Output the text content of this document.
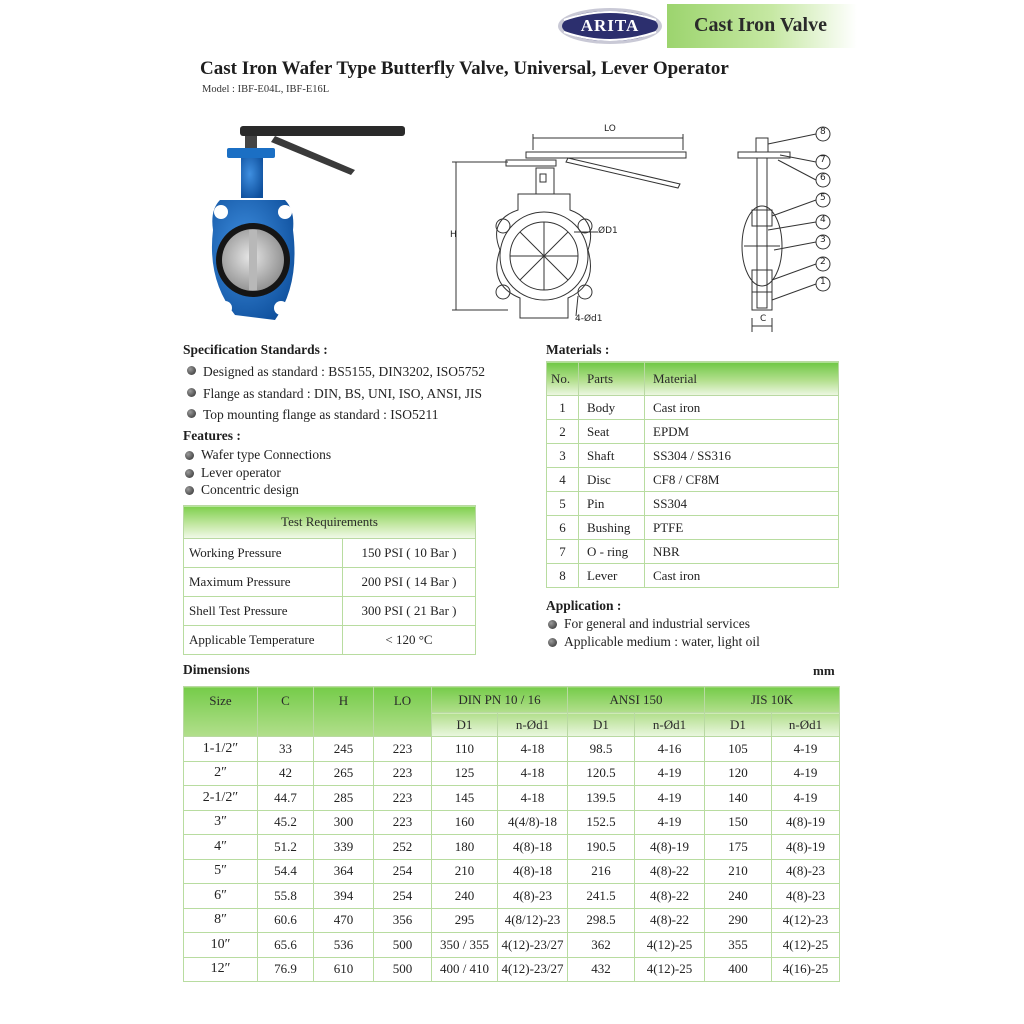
ARITA	Cast Iron Valve
Cast Iron Wafer Type Butterfly Valve, Universal, Lever Operator
Model : IBF-E04L, IBF-E16L
LO
H	ØD1
4-Ød1
8
7
6
5
4
3
2
1
C
Specification Standards :
Designed as standard : BS5155, DIN3202, ISO5752
Flange as standard : DIN, BS, UNI, ISO, ANSI, JIS
Top mounting flange as standard : ISO5211
Features :
Wafer type Connections
Lever operator
Concentric design
Test Requirements	
Working Pressure	150 PSI ( 10 Bar )
Maximum Pressure	200 PSI ( 14 Bar )
Shell Test Pressure	300 PSI ( 21 Bar )
Applicable Temperature	< 120 °C
Materials :
No.	Parts	Material
1	Body	Cast iron
2	Seat	EPDM
3	Shaft	SS304 / SS316
4	Disc	CF8 / CF8M
5	Pin	SS304
6	Bushing	PTFE
7	O - ring	NBR
8	Lever	Cast iron
Application :
For general and industrial services
Applicable medium : water, light oil
Dimensions	mm
Size	C	H	LO	DIN PN 10 / 16		ANSI 150		JIS 10K	
				D1	n-Ød1	D1	n-Ød1	D1	n-Ød1
1-1/2″	33	245	223	110	4-18	98.5	4-16	105	4-19
2″	42	265	223	125	4-18	120.5	4-19	120	4-19
2-1/2″	44.7	285	223	145	4-18	139.5	4-19	140	4-19
3″	45.2	300	223	160	4(4/8)-18	152.5	4-19	150	4(8)-19
4″	51.2	339	252	180	4(8)-18	190.5	4(8)-19	175	4(8)-19
5″	54.4	364	254	210	4(8)-18	216	4(8)-22	210	4(8)-23
6″	55.8	394	254	240	4(8)-23	241.5	4(8)-22	240	4(8)-23
8″	60.6	470	356	295	4(8/12)-23	298.5	4(8)-22	290	4(12)-23
10″	65.6	536	500	350 / 355	4(12)-23/27	362	4(12)-25	355	4(12)-25
12″	76.9	610	500	400 / 410	4(12)-23/27	432	4(12)-25	400	4(16)-25
